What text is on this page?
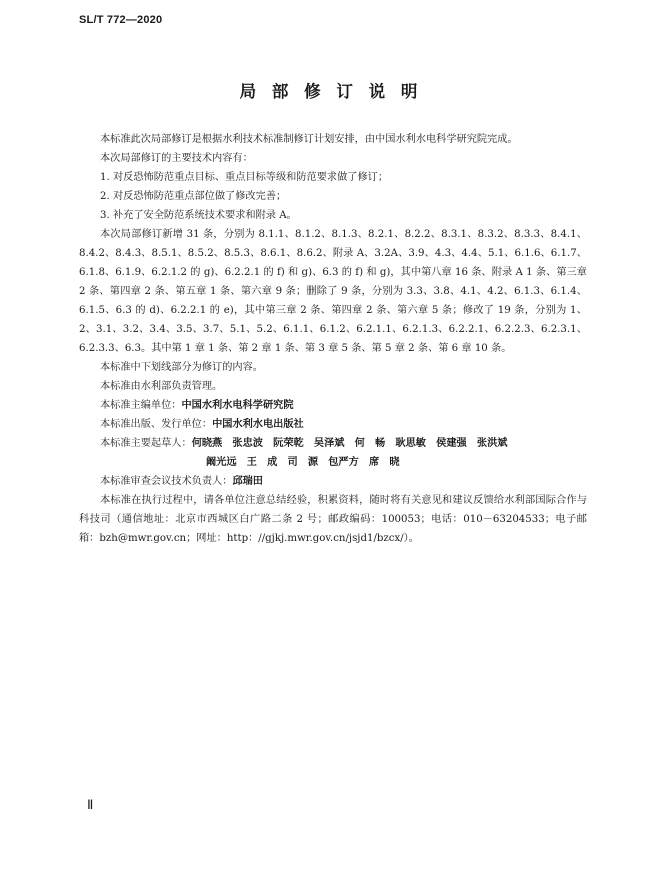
SL/T 772—2020
局 部 修 订 说 明

本标准此次局部修订是根据水利技术标准制修订计划安排，由中国水利水电科学研究院完成。

本次局部修订的主要技术内容有：

1. 对反恐怖防范重点目标、重点目标等级和防范要求做了修订；

2. 对反恐怖防范重点部位做了修改完善；

3. 补充了安全防范系统技术要求和附录 A。

本次局部修订新增 31 条，分别为 8.1.1、8.1.2、8.1.3、8.2.1、8.2.2、8.3.1、8.3.2、8.3.3、8.4.1、8.4.2、8.4.3、8.5.1、8.5.2、8.5.3、8.6.1、8.6.2、附录 A、3.2A、3.9、4.3、4.4、5.1、6.1.6、6.1.7、6.1.8、6.1.9、6.2.1.2 的 g)、6.2.2.1 的 f) 和 g)、6.3 的 f) 和 g)，其中第八章 16 条、附录 A 1 条、第三章 2 条、第四章 2 条、第五章 1 条、第六章 9 条；删除了 9 条，分别为 3.3、3.8、4.1、4.2、6.1.3、6.1.4、6.1.5、6.3 的 d)、6.2.2.1 的 e)，其中第三章 2 条、第四章 2 条、第六章 5 条；修改了 19 条，分别为 1、2、3.1、3.2、3.4、3.5、3.7、5.1、5.2、6.1.1、6.1.2、6.2.1.1、6.2.1.3、6.2.2.1、6.2.2.3、6.2.3.1、6.2.3.3、6.3。其中第 1 章 1 条、第 2 章 1 条、第 3 章 5 条、第 5 章 2 条、第 6 章 10 条。

本标准中下划线部分为修订的内容。

本标准由水利部负责管理。

本标准主编单位：中国水利水电科学研究院

本标准出版、发行单位：中国水利水电出版社

本标准主要起草人：何晓燕　张忠波　阮荣乾　吴泽斌　何　畅　耿思敏　侯建强　张洪斌

阚光远　王　成　司　源　包严方　席　晓

本标准审查会议技术负责人：邱瑞田

本标准在执行过程中，请各单位注意总结经验，积累资料，随时将有关意见和建议反馈给水利部国际合作与科技司（通信地址：北京市西城区白广路二条 2 号；邮政编码：100053；电话：010－63204533；电子邮箱：bzh@mwr.gov.cn；网址：http：//gjkj.mwr.gov.cn/jsjd1/bzcx/）。

Ⅱ
